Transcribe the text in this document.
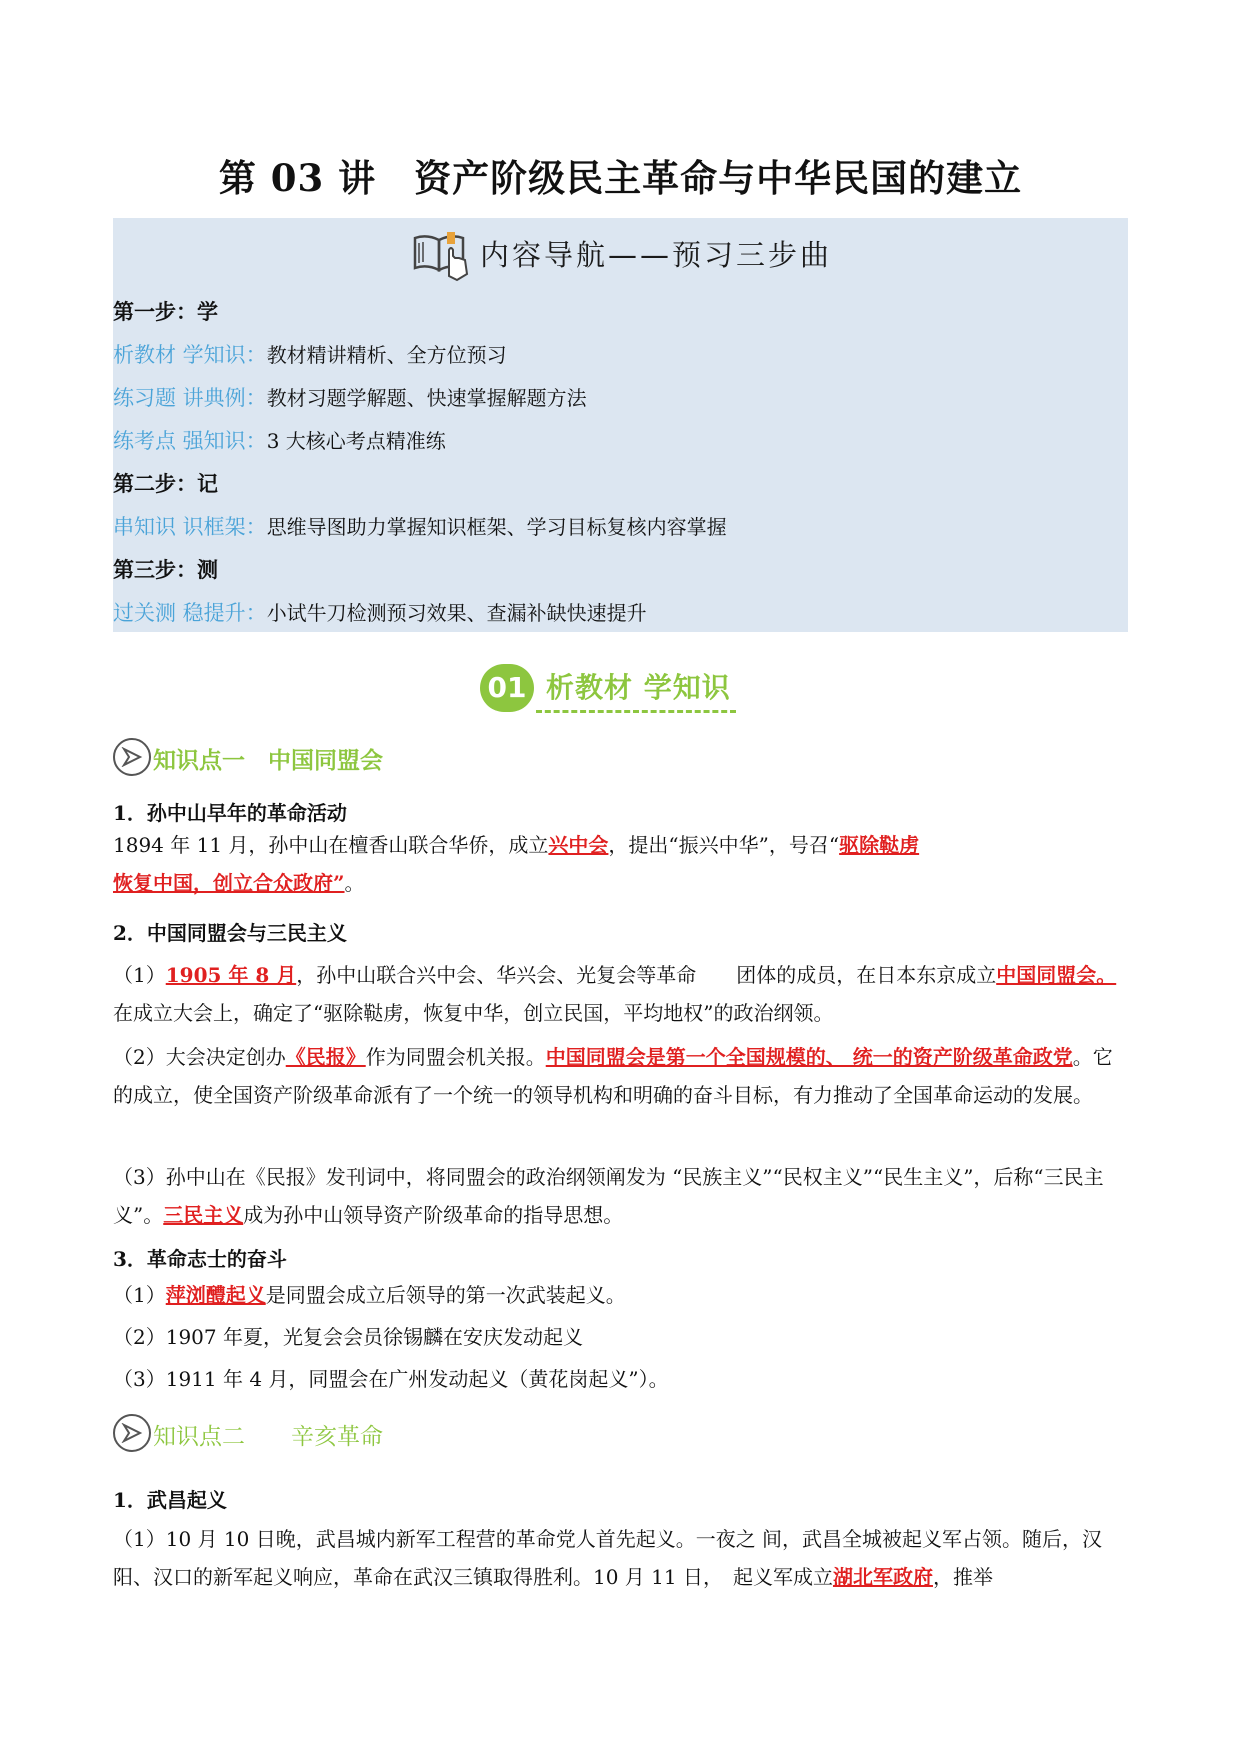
第 03 讲　资产阶级民主革命与中华民国的建立
内容导航——预习三步曲
第一步：学
析教材 学知识：教材精讲精析、全方位预习
练习题 讲典例：教材习题学解题、快速掌握解题方法
练考点 强知识：3 大核心考点精准练
第二步：记
串知识 识框架：思维导图助力掌握知识框架、学习目标复核内容掌握
第三步：测
过关测 稳提升：小试牛刀检测预习效果、查漏补缺快速提升
01 析教材 学知识
知识点一　中国同盟会
1．孙中山早年的革命活动
1894 年 11 月，孙中山在檀香山联合华侨，成立兴中会，提出“振兴中华”，号召“驱除鞑虏
恢复中国，创立合众政府”。
2．中国同盟会与三民主义
（1）1905 年 8 月，孙中山联合兴中会、华兴会、光复会等革命　　团体的成员，在日本东京成立中国同盟会。在成立大会上，确定了“驱除鞑虏，恢复中华，创立民国，平均地权”的政治纲领。
（2）大会决定创办《民报》作为同盟会机关报。中国同盟会是第一个全国规模的、 统一的资产阶级革命政党。它的成立，使全国资产阶级革命派有了一个统一的领导机构和明确的奋斗目标，有力推动了全国革命运动的发展。
（3）孙中山在《民报》发刊词中，将同盟会的政治纲领阐发为 “民族主义”“民权主义”“民生主义”，后称“三民主义”。三民主义成为孙中山领导资产阶级革命的指导思想。
3．革命志士的奋斗
（1）萍浏醴起义是同盟会成立后领导的第一次武装起义。
（2）1907 年夏，光复会会员徐锡麟在安庆发动起义
（3）1911 年 4 月，同盟会在广州发动起义（黄花岗起义”）。
知识点二　　辛亥革命
1．武昌起义
（1）10 月 10 日晚，武昌城内新军工程营的革命党人首先起义。一夜之 间，武昌全城被起义军占领。随后，汉阳、汉口的新军起义响应，革命在武汉三镇取得胜利。10 月 11 日，　起义军成立湖北军政府，推举
